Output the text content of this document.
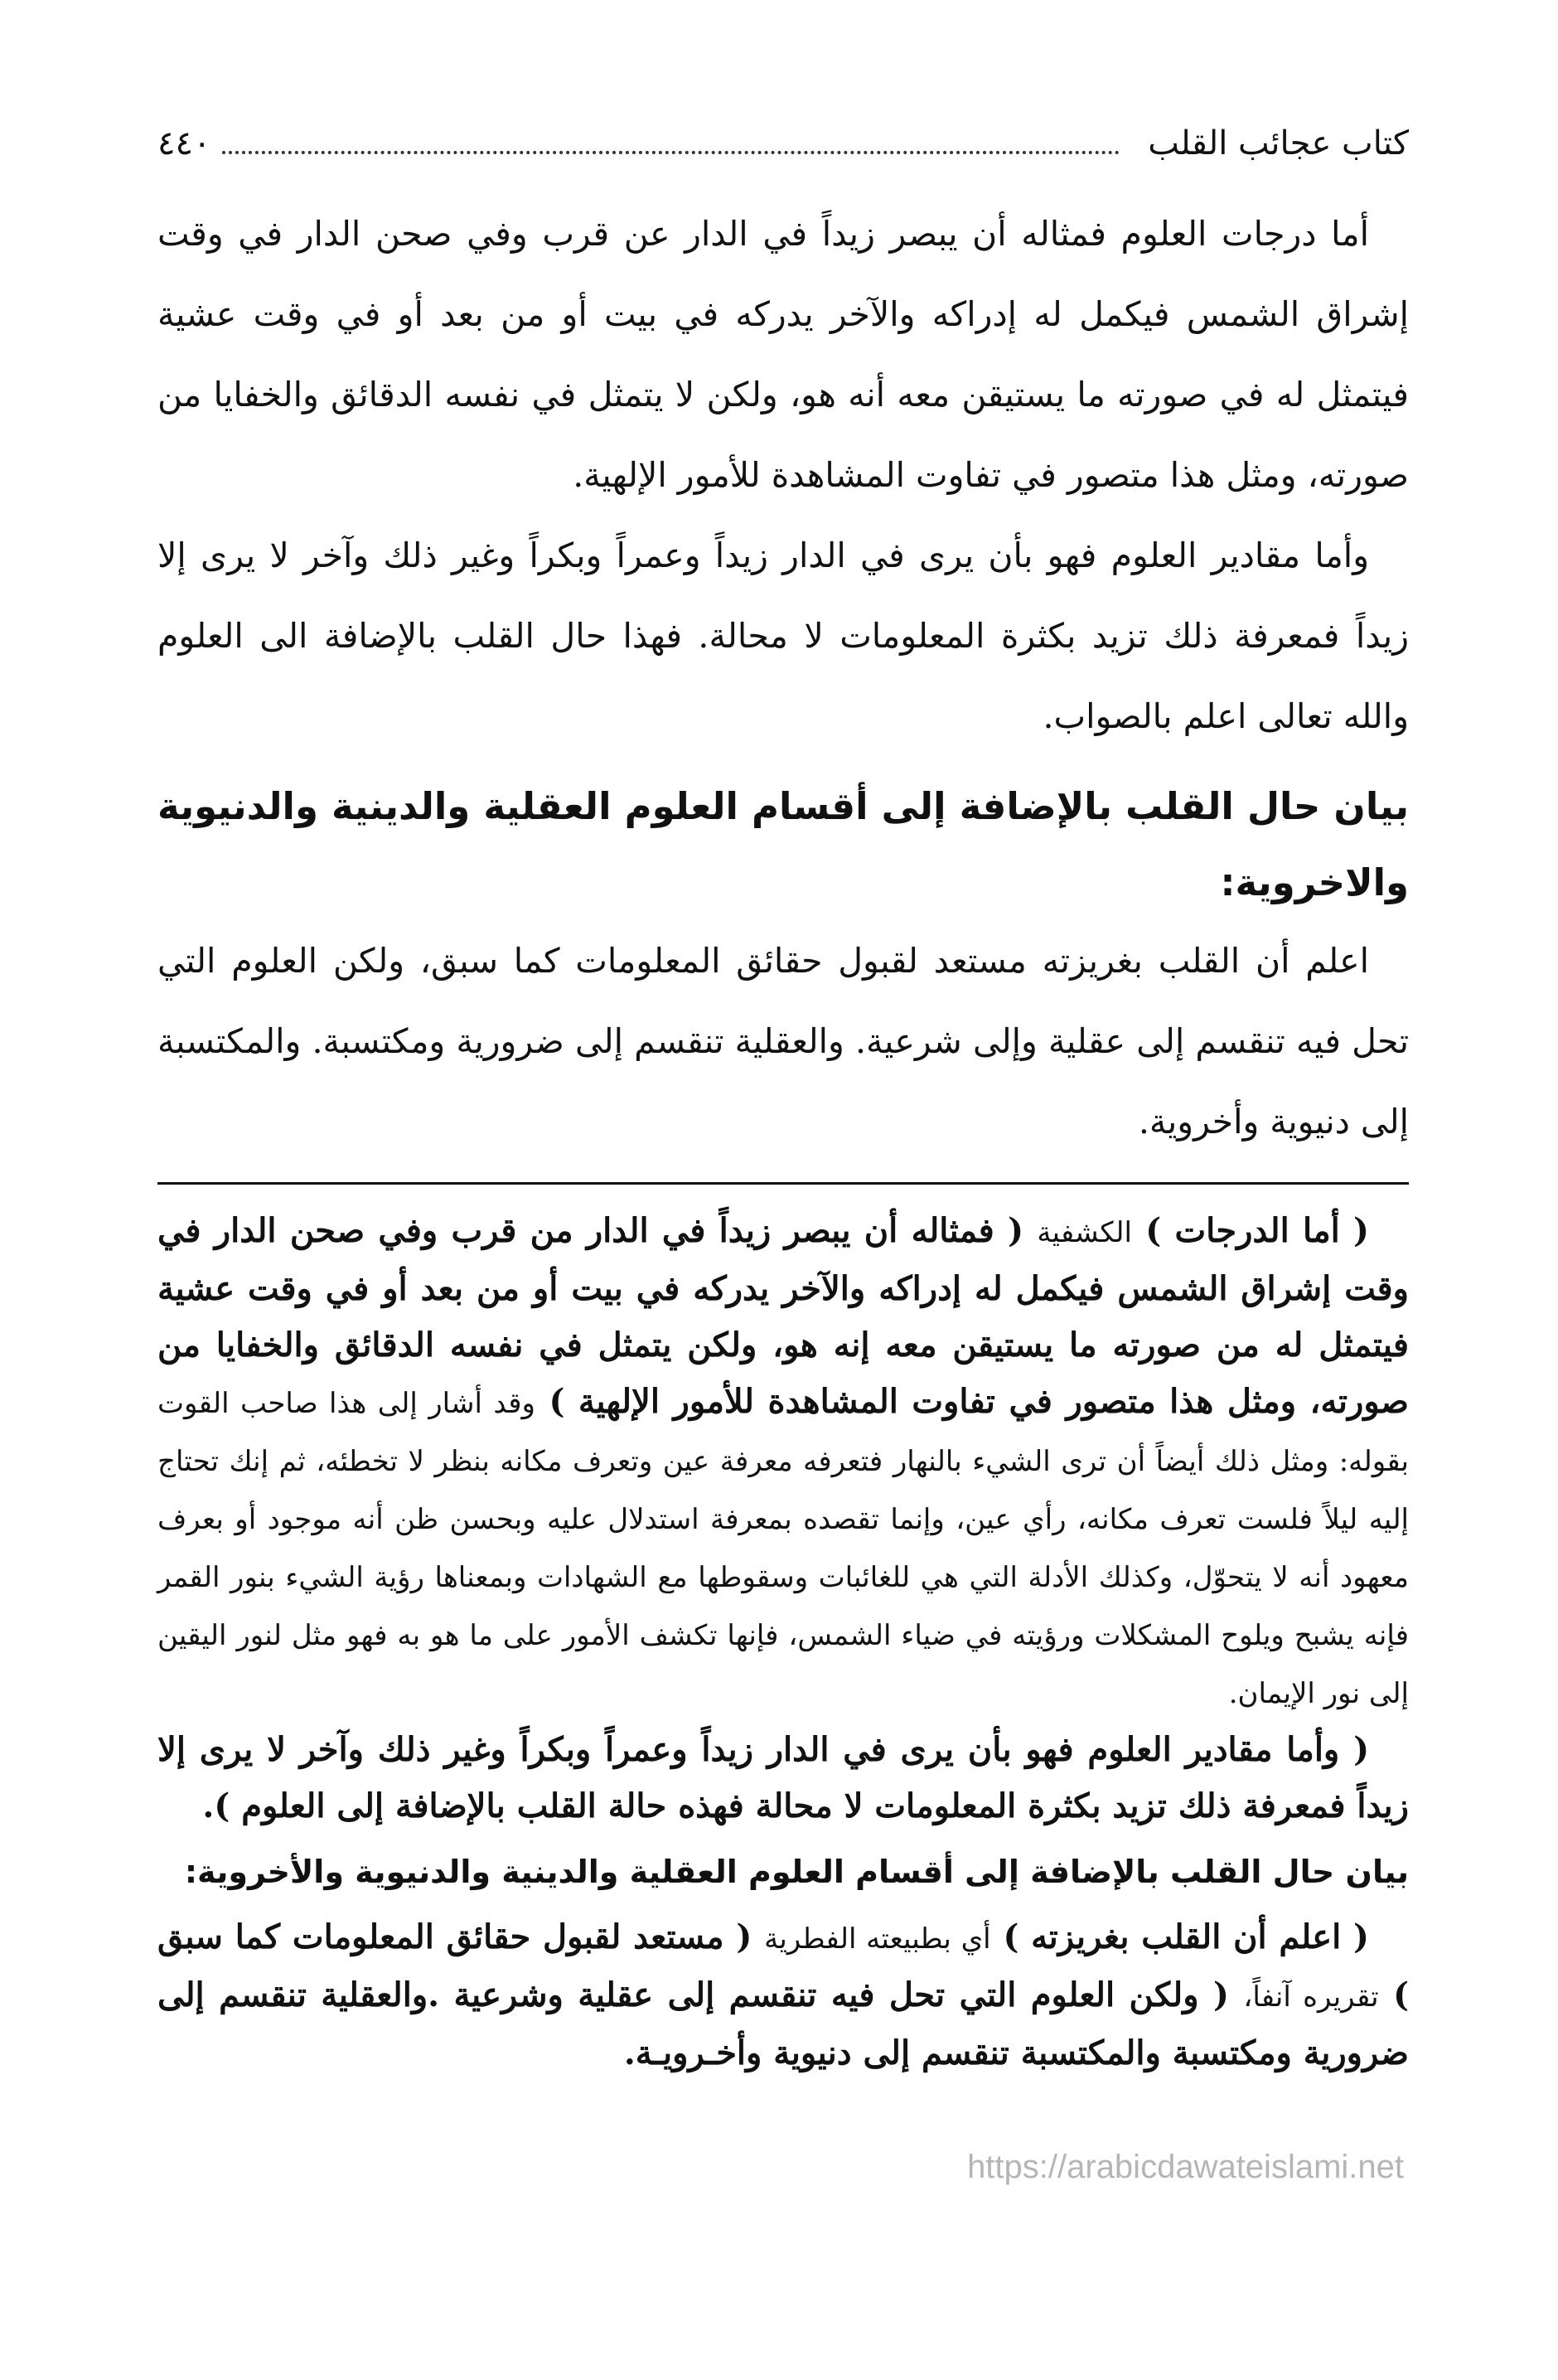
كتاب عجائب القلب
٤٤٠

أما درجات العلوم فمثاله أن يبصر زيداً في الدار عن قرب وفي صحن الدار في وقت إشراق الشمس فيكمل له إدراكه والآخر يدركه في بيت أو من بعد أو في وقت عشية فيتمثل له في صورته ما يستيقن معه أنه هو، ولكن لا يتمثل في نفسه الدقائق والخفايا من صورته، ومثل هذا متصور في تفاوت المشاهدة للأمور الإلهية.

وأما مقادير العلوم فهو بأن يرى في الدار زيداً وعمراً وبكراً وغير ذلك وآخر لا يرى إلا زيداً فمعرفة ذلك تزيد بكثرة المعلومات لا محالة. فهذا حال القلب بالإضافة الى العلوم والله تعالى اعلم بالصواب.

بيان حال القلب بالإضافة إلى أقسام العلوم العقلية والدينية والدنيوية والاخروية:

اعلم أن القلب بغريزته مستعد لقبول حقائق المعلومات كما سبق، ولكن العلوم التي تحل فيه تنقسم إلى عقلية وإلى شرعية. والعقلية تنقسم إلى ضرورية ومكتسبة. والمكتسبة إلى دنيوية وأخروية.

( أما الدرجات ) الكشفية ( فمثاله أن يبصر زيداً في الدار من قرب وفي صحن الدار في وقت إشراق الشمس فيكمل له إدراكه والآخر يدركه في بيت أو من بعد أو في وقت عشية فيتمثل له من صورته ما يستيقن معه إنه هو، ولكن يتمثل في نفسه الدقائق والخفايا من صورته، ومثل هذا متصور في تفاوت المشاهدة للأمور الإلهية ) وقد أشار إلى هذا صاحب القوت بقوله: ومثل ذلك أيضاً أن ترى الشيء بالنهار فتعرفه معرفة عين وتعرف مكانه بنظر لا تخطئه، ثم إنك تحتاج إليه ليلاً فلست تعرف مكانه، رأي عين، وإنما تقصده بمعرفة استدلال عليه وبحسن ظن أنه موجود أو بعرف معهود أنه لا يتحوّل، وكذلك الأدلة التي هي للغائبات وسقوطها مع الشهادات وبمعناها رؤية الشيء بنور القمر فإنه يشبح ويلوح المشكلات ورؤيته في ضياء الشمس، فإنها تكشف الأمور على ما هو به فهو مثل لنور اليقين إلى نور الإيمان.

( وأما مقادير العلوم فهو بأن يرى في الدار زيداً وعمراً وبكراً وغير ذلك وآخر لا يرى إلا زيداً فمعرفة ذلك تزيد بكثرة المعلومات لا محالة فهذه حالة القلب بالإضافة إلى العلوم ).

بيان حال القلب بالإضافة إلى أقسام العلوم العقلية والدينية والدنيوية والأخروية:

( اعلم أن القلب بغريزته ) أي بطبيعته الفطرية ( مستعد لقبول حقائق المعلومات كما سبق ) تقريره آنفاً، ( ولكن العلوم التي تحل فيه تنقسم إلى عقلية وشرعية .والعقلية تنقسم إلى ضرورية ومكتسبة والمكتسبة تنقسم إلى دنيوية وأخـرويـة.

https://arabicdawateislami.net
